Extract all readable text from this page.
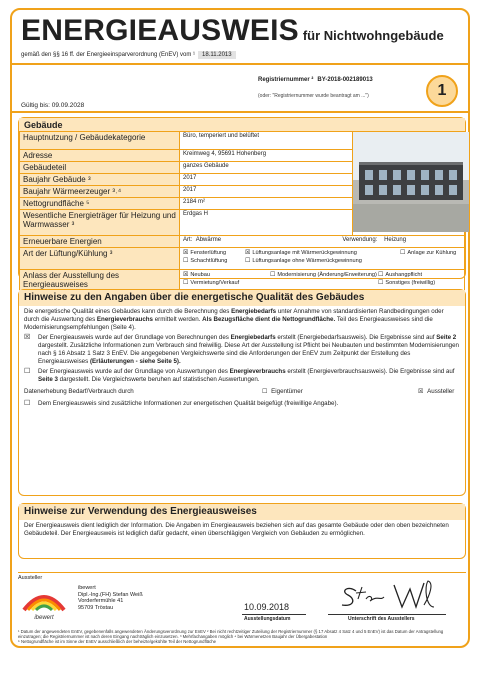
ENERGIEAUSWEIS für Nichtwohngebäude
gemäß den §§ 16 ff. der Energieeinsparverordnung (EnEV) vom ¹ 18.11.2013
Registriernummer ² BY-2018-002189013
(oder: "Registriernummer wurde beantragt am ...")
Gültig bis: 09.09.2028
1
Gebäude
Hauptnutzung / Gebäudekategorie	Büro, temperiert und belüftet	

Adresse	Kreimweg 4, 95691 Hohenberg	
Gebäudeteil	ganzes Gebäude	
Baujahr Gebäude ³	2017	
Baujahr Wärmeerzeuger ³˒⁴	2017	
Nettogrundfläche ⁵	2184 m²	
Wesentliche Energieträger für Heizung und Warmwasser ³	Erdgas H	
Erneuerbare Energien	Art: Abwärme Verwendung: Heizung	
Art der Lüftung/Kühlung ³	☒ Fensterlüftung ☒ Lüftungsanlage mit Wärmerückgewinnung ☐ Anlage zur Kühlung
☐ Schachtlüftung ☐ Lüftungsanlage ohne Wärmerückgewinnung	

Anlass der Ausstellung des Energieausweises	☒ Neubau ☐ Modernisierung (Änderung/Erweiterung) ☐ Aushangpflicht
☐ Vermietung/Verkauf ☐ Sonstiges (freiwillig)	
Hinweise zu den Angaben über die energetische Qualität des Gebäudes
Die energetische Qualität eines Gebäudes kann durch die Berechnung des Energiebedarfs unter Annahme von standardisierten Randbedingungen oder durch die Auswertung des Energieverbrauchs ermittelt werden. Als Bezugsfläche dient die Nettogrundfläche. Teil des Energieausweises sind die Modernisierungsempfehlungen (Seite 4).
☒	Der Energieausweis wurde auf der Grundlage von Berechnungen des Energiebedarfs erstellt (Energiebedarfsausweis). Die Ergebnisse sind auf Seite 2 dargestellt. Zusätzliche Informationen zum Verbrauch sind freiwillig. Diese Art der Ausstellung ist Pflicht bei Neubauten und bestimmten Modernisierungen nach § 16 Absatz 1 Satz 3 EnEV. Die angegebenen Vergleichswerte sind die Anforderungen der EnEV zum Zeitpunkt der Erstellung des Energieausweises (Erläuterungen - siehe Seite 5).
☐	Der Energieausweis wurde auf der Grundlage von Auswertungen des Energieverbrauchs erstellt (Energieverbrauchsausweis). Die Ergebnisse sind auf Seite 3 dargestellt. Die Vergleichswerte beruhen auf statistischen Auswertungen.
Datenerhebung Bedarf/Verbrauch durch	☐ Eigentümer	☒ Aussteller
☐	Dem Energieausweis sind zusätzliche Informationen zur energetischen Qualität beigefügt (freiwillige Angabe).
Hinweise zur Verwendung des Energieausweises
Der Energieausweis dient lediglich der Information. Die Angaben im Energieausweis beziehen sich auf das gesamte Gebäude oder den oben bezeichneten Gebäudeteil. Der Energieausweis ist lediglich dafür gedacht, einen überschlägigen Vergleich von Gebäuden zu ermöglichen.
Aussteller
ibewert
ibewert
Dipl.-Ing.(FH) Stefan Weiß
Vorderfermühle 41
95709 Tröstau	10.09.2018
Ausstellungsdatum	Unterschrift des Ausstellers
¹ Datum der angewendeten EnEV, gegebenenfalls angewendeten Änderungsverordnung zur EnEV ² Bei nicht rechtzeitiger Zuteilung der Registriernummer (§ 17 Absatz 4 Satz 4 und 5 EnEV) ist das Datum der Antragstellung einzutragen; die Registriernummer ist nach deren Eingang nachträglich einzusetzen. ³ Mehrfachangaben möglich ⁴ bei Wärmenetzen Baujahr der Übergabestation
⁵ Nettogrundfläche ist im Sinne der EnEV ausschließlich der beheizte/gekühlte Teil der Nettogrundfläche
